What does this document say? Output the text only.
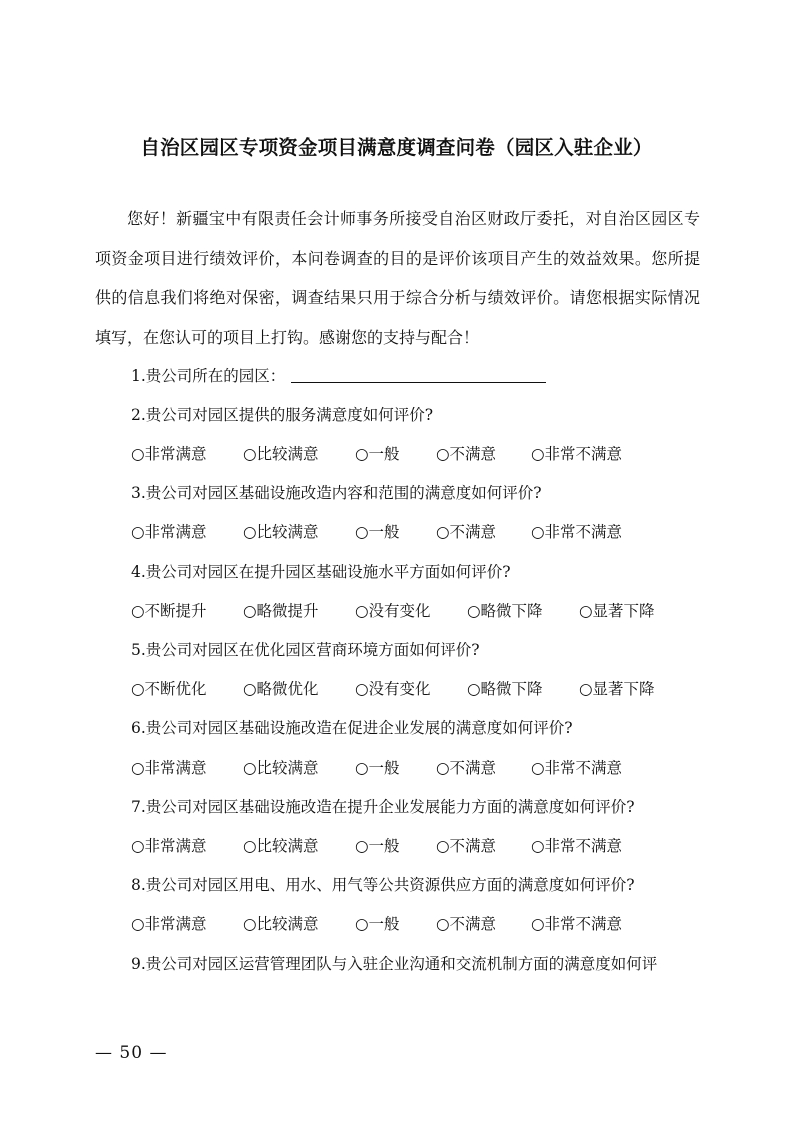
自治区园区专项资金项目满意度调查问卷（园区入驻企业）

您好！新疆宝中有限责任会计师事务所接受自治区财政厅委托，对自治区园区专项资金项目进行绩效评价，本问卷调查的目的是评价该项目产生的效益效果。您所提供的信息我们将绝对保密，调查结果只用于综合分析与绩效评价。请您根据实际情况填写，在您认可的项目上打钩。感谢您的支持与配合！

1.贵公司所在的园区：
2.贵公司对园区提供的服务满意度如何评价?
○非常满意 ○比较满意 ○一般 ○不满意 ○非常不满意
3.贵公司对园区基础设施改造内容和范围的满意度如何评价?
○非常满意 ○比较满意 ○一般 ○不满意 ○非常不满意
4.贵公司对园区在提升园区基础设施水平方面如何评价?
○不断提升 ○略微提升 ○没有变化 ○略微下降 ○显著下降
5.贵公司对园区在优化园区营商环境方面如何评价?
○不断优化 ○略微优化 ○没有变化 ○略微下降 ○显著下降
6.贵公司对园区基础设施改造在促进企业发展的满意度如何评价?
○非常满意 ○比较满意 ○一般 ○不满意 ○非常不满意
7.贵公司对园区基础设施改造在提升企业发展能力方面的满意度如何评价?
○非常满意 ○比较满意 ○一般 ○不满意 ○非常不满意
8.贵公司对园区用电、用水、用气等公共资源供应方面的满意度如何评价?
○非常满意 ○比较满意 ○一般 ○不满意 ○非常不满意
9.贵公司对园区运营管理团队与入驻企业沟通和交流机制方面的满意度如何评
— 50 —
